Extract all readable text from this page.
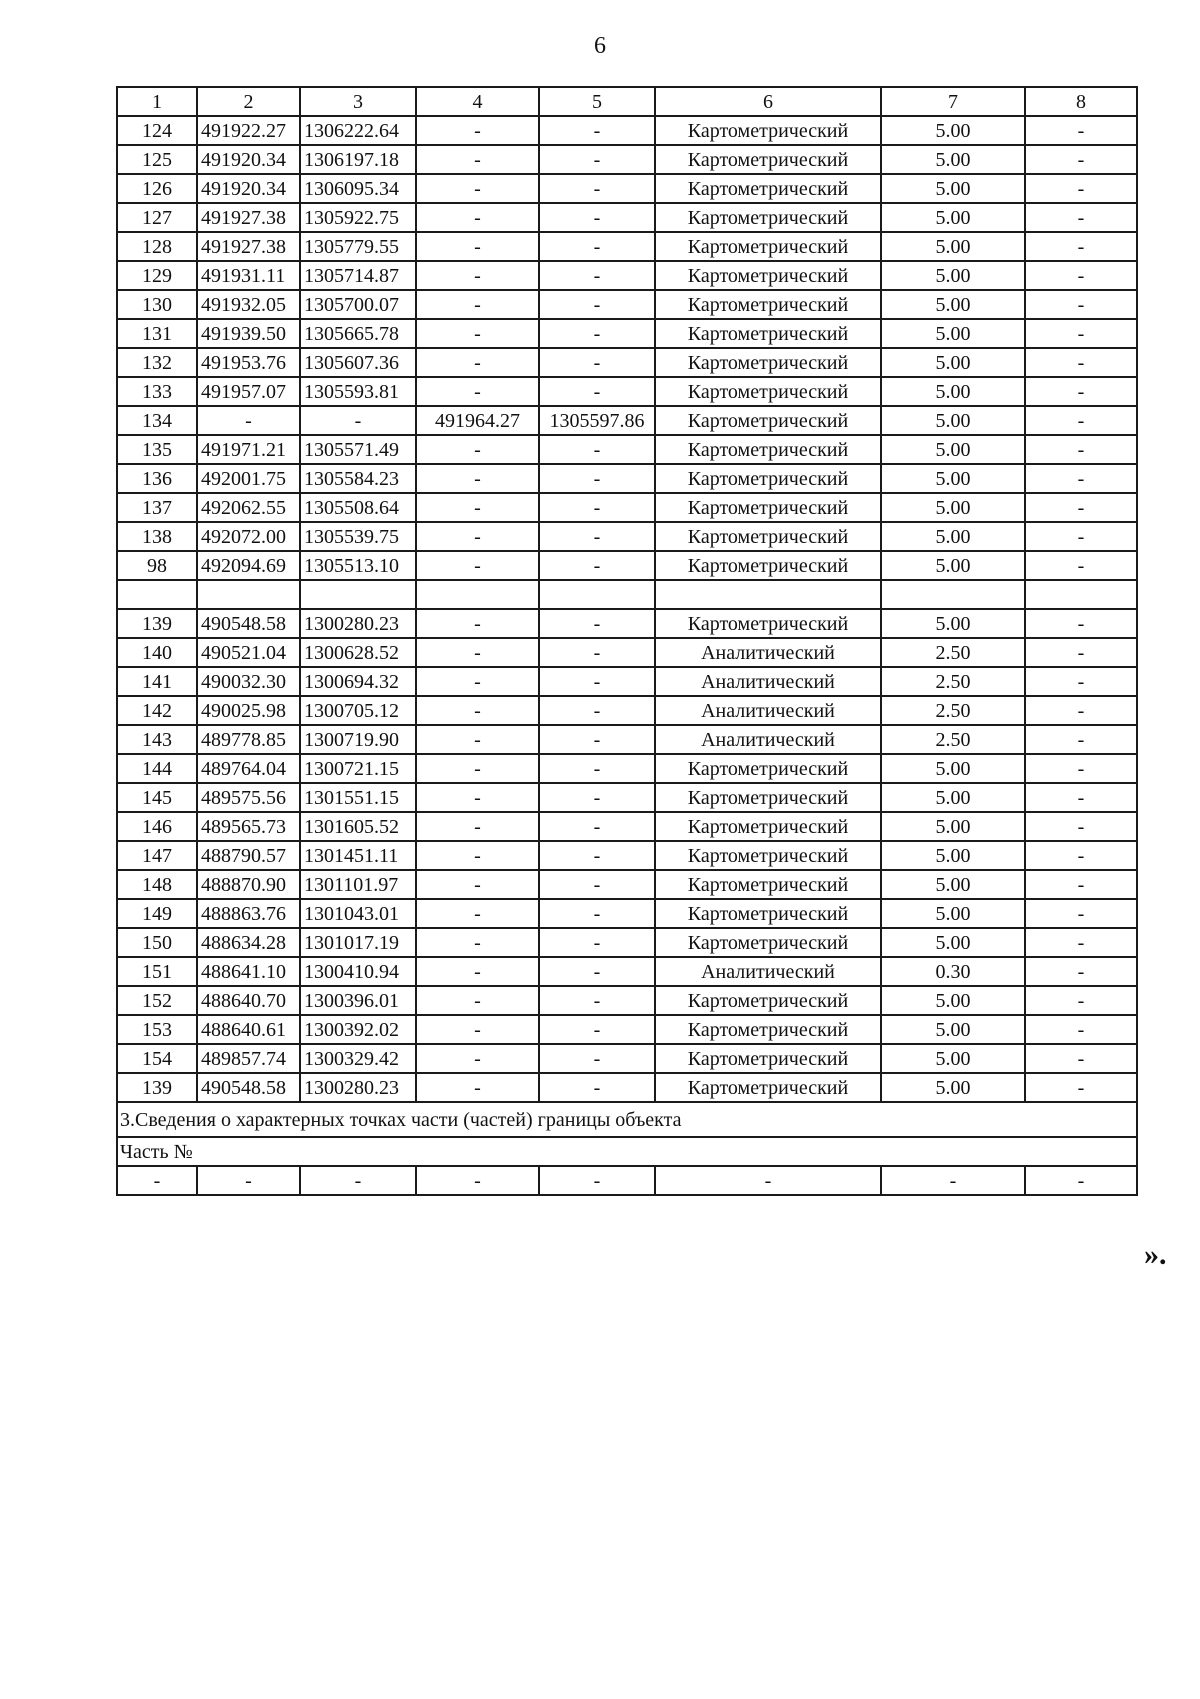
6
1	2	3	4	5	6	7	8
124	491922.27	1306222.64	-	-	Картометрический	5.00	-
125	491920.34	1306197.18	-	-	Картометрический	5.00	-
126	491920.34	1306095.34	-	-	Картометрический	5.00	-
127	491927.38	1305922.75	-	-	Картометрический	5.00	-
128	491927.38	1305779.55	-	-	Картометрический	5.00	-
129	491931.11	1305714.87	-	-	Картометрический	5.00	-
130	491932.05	1305700.07	-	-	Картометрический	5.00	-
131	491939.50	1305665.78	-	-	Картометрический	5.00	-
132	491953.76	1305607.36	-	-	Картометрический	5.00	-
133	491957.07	1305593.81	-	-	Картометрический	5.00	-
134	-	-	491964.27	1305597.86	Картометрический	5.00	-
135	491971.21	1305571.49	-	-	Картометрический	5.00	-
136	492001.75	1305584.23	-	-	Картометрический	5.00	-
137	492062.55	1305508.64	-	-	Картометрический	5.00	-
138	492072.00	1305539.75	-	-	Картометрический	5.00	-
98	492094.69	1305513.10	-	-	Картометрический	5.00	-

139	490548.58	1300280.23	-	-	Картометрический	5.00	-
140	490521.04	1300628.52	-	-	Аналитический	2.50	-
141	490032.30	1300694.32	-	-	Аналитический	2.50	-
142	490025.98	1300705.12	-	-	Аналитический	2.50	-
143	489778.85	1300719.90	-	-	Аналитический	2.50	-
144	489764.04	1300721.15	-	-	Картометрический	5.00	-
145	489575.56	1301551.15	-	-	Картометрический	5.00	-
146	489565.73	1301605.52	-	-	Картометрический	5.00	-
147	488790.57	1301451.11	-	-	Картометрический	5.00	-
148	488870.90	1301101.97	-	-	Картометрический	5.00	-
149	488863.76	1301043.01	-	-	Картометрический	5.00	-
150	488634.28	1301017.19	-	-	Картометрический	5.00	-
151	488641.10	1300410.94	-	-	Аналитический	0.30	-
152	488640.70	1300396.01	-	-	Картометрический	5.00	-
153	488640.61	1300392.02	-	-	Картометрический	5.00	-
154	489857.74	1300329.42	-	-	Картометрический	5.00	-
139	490548.58	1300280.23	-	-	Картометрический	5.00	-
3.Сведения о характерных точках части (частей) границы объекта							
Часть №							
-	-	-	-	-	-	-	-
».
